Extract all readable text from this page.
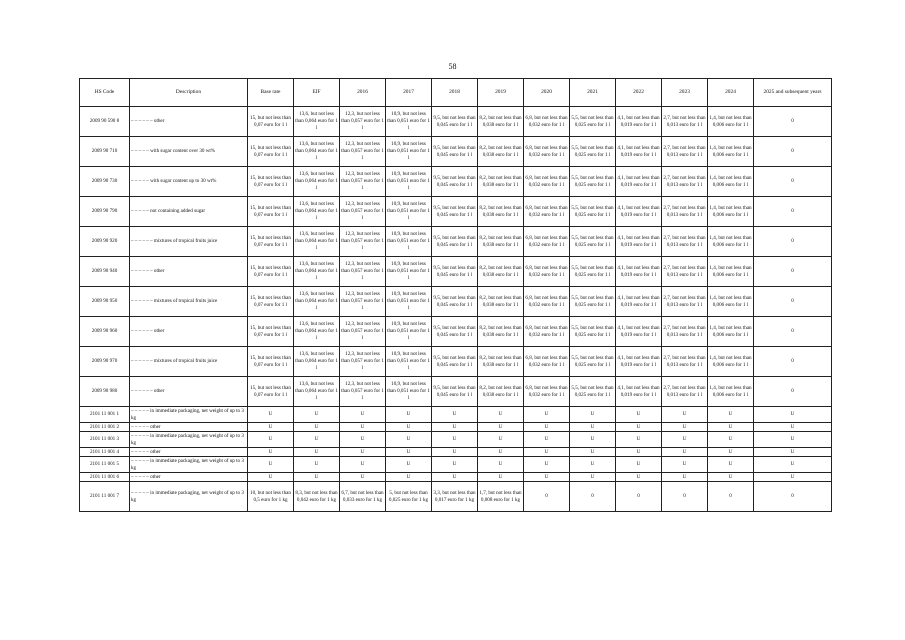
58
HS Code	Description	Base rate	EIF	2016	2017	2018	2019	2020	2021	2022	2023	2024	2025 and subsequent years
2009 90 590 8	– – – – – – other	15, but not less than 0,07 euro for 1 l	13,6, but not less than 0,064 euro for 1 l	12,3, but not less than 0,057 euro for 1 l	10,9, but not less than 0,051 euro for 1 l	9,5, but not less than 0,045 euro for 1 l	8,2, but not less than 0,038 euro for 1 l	6,8, but not less than 0,032 euro for 1 l	5,5, but not less than 0,025 euro for 1 l	4,1, but not less than 0,019 euro for 1 l	2,7, but not less than 0,013 euro for 1 l	1,4, but not less than 0,006 euro for 1 l	0
2009 90 710	– – – – – with sugar content over 30 wt%	15, but not less than 0,07 euro for 1 l	13,6, but not less than 0,064 euro for 1 l	12,3, but not less than 0,057 euro for 1 l	10,9, but not less than 0,051 euro for 1 l	9,5, but not less than 0,045 euro for 1 l	8,2, but not less than 0,038 euro for 1 l	6,8, but not less than 0,032 euro for 1 l	5,5, but not less than 0,025 euro for 1 l	4,1, but not less than 0,019 euro for 1 l	2,7, but not less than 0,013 euro for 1 l	1,4, but not less than 0,006 euro for 1 l	0
2009 90 730	– – – – – with sugar content up to 30 wt%	15, but not less than 0,07 euro for 1 l	13,6, but not less than 0,064 euro for 1 l	12,3, but not less than 0,057 euro for 1 l	10,9, but not less than 0,051 euro for 1 l	9,5, but not less than 0,045 euro for 1 l	8,2, but not less than 0,038 euro for 1 l	6,8, but not less than 0,032 euro for 1 l	5,5, but not less than 0,025 euro for 1 l	4,1, but not less than 0,019 euro for 1 l	2,7, but not less than 0,013 euro for 1 l	1,4, but not less than 0,006 euro for 1 l	0
2009 90 790	– – – – – not containing added sugar	15, but not less than 0,07 euro for 1 l	13,6, but not less than 0,064 euro for 1 l	12,3, but not less than 0,057 euro for 1 l	10,9, but not less than 0,051 euro for 1 l	9,5, but not less than 0,045 euro for 1 l	8,2, but not less than 0,038 euro for 1 l	6,8, but not less than 0,032 euro for 1 l	5,5, but not less than 0,025 euro for 1 l	4,1, but not less than 0,019 euro for 1 l	2,7, but not less than 0,013 euro for 1 l	1,4, but not less than 0,006 euro for 1 l	0
2009 90 920	– – – – – – mixtures of tropical fruits juice	15, but not less than 0,07 euro for 1 l	13,6, but not less than 0,064 euro for 1 l	12,3, but not less than 0,057 euro for 1 l	10,9, but not less than 0,051 euro for 1 l	9,5, but not less than 0,045 euro for 1 l	8,2, but not less than 0,038 euro for 1 l	6,8, but not less than 0,032 euro for 1 l	5,5, but not less than 0,025 euro for 1 l	4,1, but not less than 0,019 euro for 1 l	2,7, but not less than 0,013 euro for 1 l	1,4, but not less than 0,006 euro for 1 l	0
2009 90 940	– – – – – – other	15, but not less than 0,07 euro for 1 l	13,6, but not less than 0,064 euro for 1 l	12,3, but not less than 0,057 euro for 1 l	10,9, but not less than 0,051 euro for 1 l	9,5, but not less than 0,045 euro for 1 l	8,2, but not less than 0,038 euro for 1 l	6,8, but not less than 0,032 euro for 1 l	5,5, but not less than 0,025 euro for 1 l	4,1, but not less than 0,019 euro for 1 l	2,7, but not less than 0,013 euro for 1 l	1,4, but not less than 0,006 euro for 1 l	0
2009 90 950	– – – – – – mixtures of tropical fruits juice	15, but not less than 0,07 euro for 1 l	13,6, but not less than 0,064 euro for 1 l	12,3, but not less than 0,057 euro for 1 l	10,9, but not less than 0,051 euro for 1 l	9,5, but not less than 0,045 euro for 1 l	8,2, but not less than 0,038 euro for 1 l	6,8, but not less than 0,032 euro for 1 l	5,5, but not less than 0,025 euro for 1 l	4,1, but not less than 0,019 euro for 1 l	2,7, but not less than 0,013 euro for 1 l	1,4, but not less than 0,006 euro for 1 l	0
2009 90 960	– – – – – – other	15, but not less than 0,07 euro for 1 l	13,6, but not less than 0,064 euro for 1 l	12,3, but not less than 0,057 euro for 1 l	10,9, but not less than 0,051 euro for 1 l	9,5, but not less than 0,045 euro for 1 l	8,2, but not less than 0,038 euro for 1 l	6,8, but not less than 0,032 euro for 1 l	5,5, but not less than 0,025 euro for 1 l	4,1, but not less than 0,019 euro for 1 l	2,7, but not less than 0,013 euro for 1 l	1,4, but not less than 0,006 euro for 1 l	0
2009 90 970	– – – – – – mixtures of tropical fruits juice	15, but not less than 0,07 euro for 1 l	13,6, but not less than 0,064 euro for 1 l	12,3, but not less than 0,057 euro for 1 l	10,9, but not less than 0,051 euro for 1 l	9,5, but not less than 0,045 euro for 1 l	8,2, but not less than 0,038 euro for 1 l	6,8, but not less than 0,032 euro for 1 l	5,5, but not less than 0,025 euro for 1 l	4,1, but not less than 0,019 euro for 1 l	2,7, but not less than 0,013 euro for 1 l	1,4, but not less than 0,006 euro for 1 l	0
2009 90 980	– – – – – – other	15, but not less than 0,07 euro for 1 l	13,6, but not less than 0,064 euro for 1 l	12,3, but not less than 0,057 euro for 1 l	10,9, but not less than 0,051 euro for 1 l	9,5, but not less than 0,045 euro for 1 l	8,2, but not less than 0,038 euro for 1 l	6,8, but not less than 0,032 euro for 1 l	5,5, but not less than 0,025 euro for 1 l	4,1, but not less than 0,019 euro for 1 l	2,7, but not less than 0,013 euro for 1 l	1,4, but not less than 0,006 euro for 1 l	0
2101 11 001 1	– – – – – in immediate packaging, net weight of up to 3 kg	U	U	U	U	U	U	U	U	U	U	U	U
2101 11 001 2	– – – – – other	U	U	U	U	U	U	U	U	U	U	U	U
2101 11 001 3	– – – – – in immediate packaging, net weight of up to 3 kg	U	U	U	U	U	U	U	U	U	U	U	U
2101 11 001 4	– – – – – other	U	U	U	U	U	U	U	U	U	U	U	U
2101 11 001 5	– – – – – in immediate packaging, net weight of up to 3 kg	U	U	U	U	U	U	U	U	U	U	U	U
2101 11 001 6	– – – – – other	U	U	U	U	U	U	U	U	U	U	U	U
2101 11 001 7	– – – – – in immediate packaging, net weight of up to 3 kg	10, but not less than 0,5 euro for 1 kg	8,3, but not less than 0,042 euro for 1 kg	6,7, but not less than 0,033 euro for 1 kg	5, but not less than 0,025 euro for 1 kg	3,3, but not less than 0,017 euro for 1 kg	1,7, but not less than 0,008 euro for 1 kg	0	0	0	0	0	0
